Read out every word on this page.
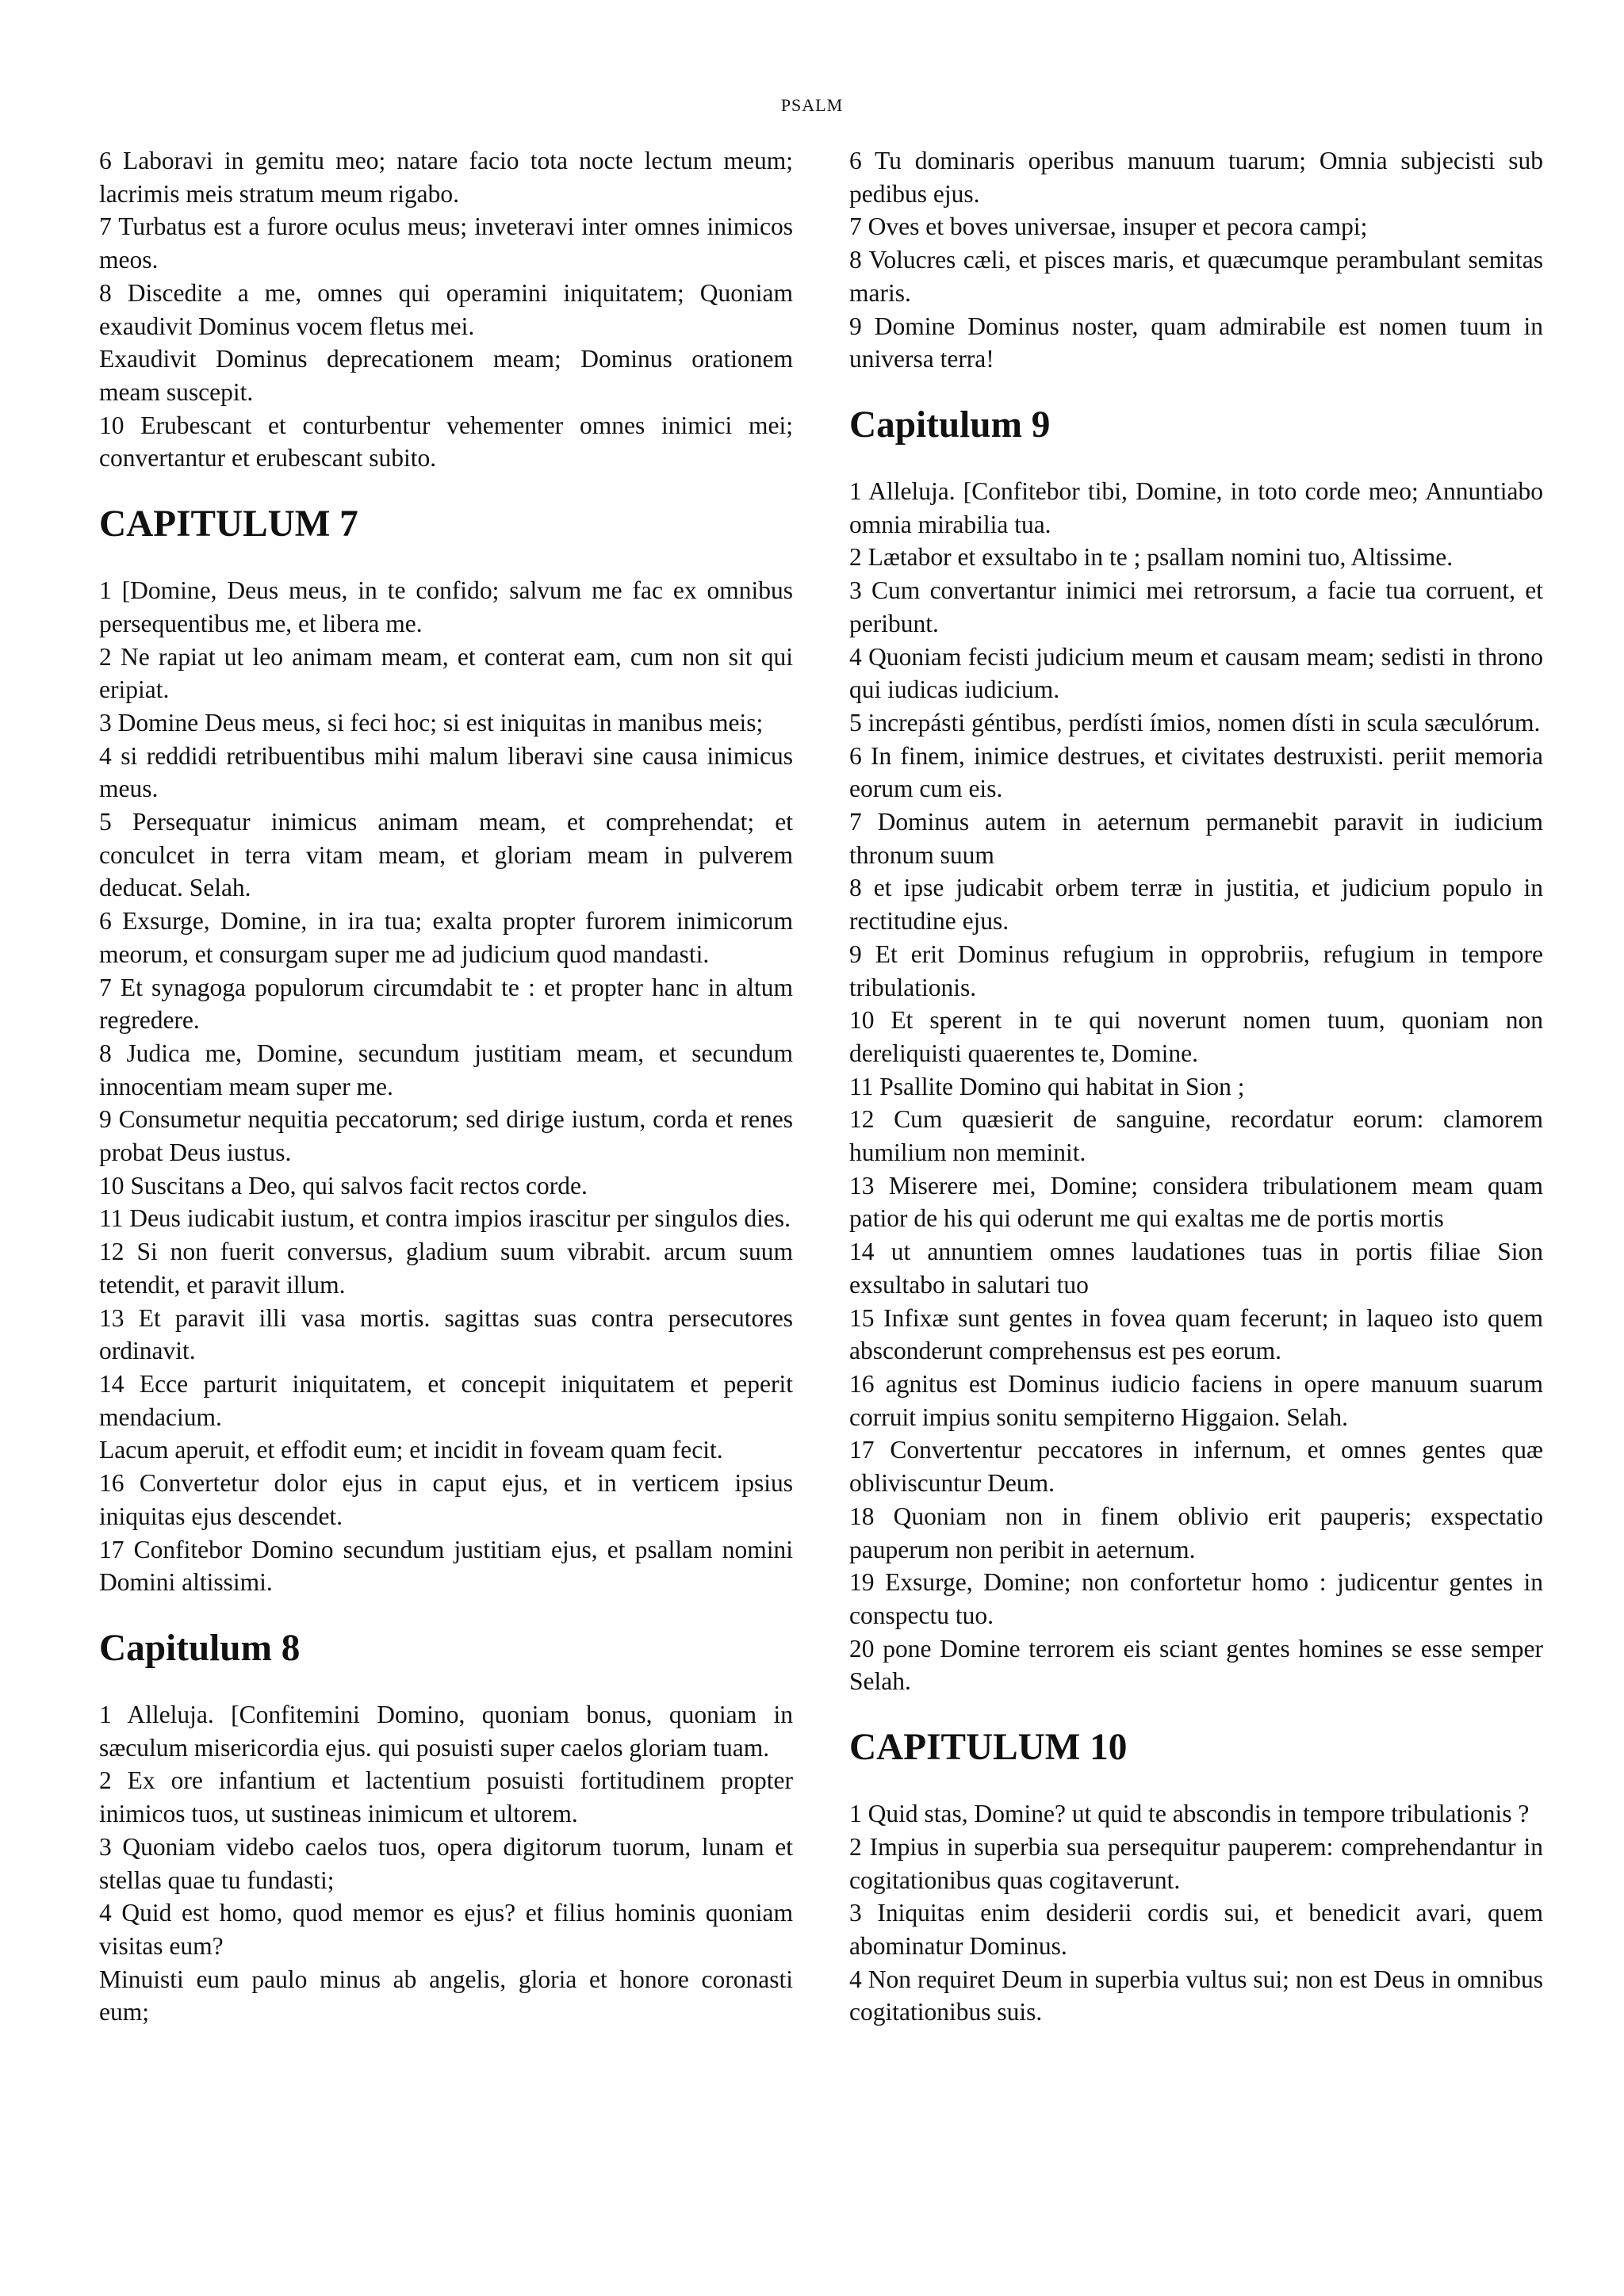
PSALM

6 Laboravi in gemitu meo; natare facio tota nocte lectum meum; lacrimis meis stratum meum rigabo.

7 Turbatus est a furore oculus meus; inveteravi inter omnes inimicos meos.

8 Discedite a me, omnes qui operamini iniquitatem; Quoniam exaudivit Dominus vocem fletus mei.

Exaudivit Dominus deprecationem meam; Dominus orationem meam suscepit.

10 Erubescant et conturbentur vehementer omnes inimici mei; convertantur et erubescant subito.

CAPITULUM 7

1 [Domine, Deus meus, in te confido; salvum me fac ex omnibus persequentibus me, et libera me.

2 Ne rapiat ut leo animam meam, et conterat eam, cum non sit qui eripiat.

3 Domine Deus meus, si feci hoc; si est iniquitas in manibus meis;

4 si reddidi retribuentibus mihi malum liberavi sine causa inimicus meus.

5 Persequatur inimicus animam meam, et comprehendat; et conculcet in terra vitam meam, et gloriam meam in pulverem deducat. Selah.

6 Exsurge, Domine, in ira tua; exalta propter furorem inimicorum meorum, et consurgam super me ad judicium quod mandasti.

7 Et synagoga populorum circumdabit te : et propter hanc in altum regredere.

8 Judica me, Domine, secundum justitiam meam, et secundum innocentiam meam super me.

9 Consumetur nequitia peccatorum; sed dirige iustum, corda et renes probat Deus iustus.

10 Suscitans a Deo, qui salvos facit rectos corde.

11 Deus iudicabit iustum, et contra impios irascitur per singulos dies.

12 Si non fuerit conversus, gladium suum vibrabit. arcum suum tetendit, et paravit illum.

13 Et paravit illi vasa mortis. sagittas suas contra persecutores ordinavit.

14 Ecce parturit iniquitatem, et concepit iniquitatem et peperit mendacium.

Lacum aperuit, et effodit eum; et incidit in foveam quam fecit.

16 Convertetur dolor ejus in caput ejus, et in verticem ipsius iniquitas ejus descendet.

17 Confitebor Domino secundum justitiam ejus, et psallam nomini Domini altissimi.

Capitulum 8

1 Alleluja. [Confitemini Domino, quoniam bonus, quoniam in sæculum misericordia ejus. qui posuisti super caelos gloriam tuam.

2 Ex ore infantium et lactentium posuisti fortitudinem propter inimicos tuos, ut sustineas inimicum et ultorem.

3 Quoniam videbo caelos tuos, opera digitorum tuorum, lunam et stellas quae tu fundasti;

4 Quid est homo, quod memor es ejus? et filius hominis quoniam visitas eum?

Minuisti eum paulo minus ab angelis, gloria et honore coronasti eum;

6 Tu dominaris operibus manuum tuarum; Omnia subjecisti sub pedibus ejus.

7 Oves et boves universae, insuper et pecora campi;

8 Volucres cæli, et pisces maris, et quæcumque perambulant semitas maris.

9 Domine Dominus noster, quam admirabile est nomen tuum in universa terra!

Capitulum 9

1 Alleluja. [Confitebor tibi, Domine, in toto corde meo; Annuntiabo omnia mirabilia tua.

2 Lætabor et exsultabo in te ; psallam nomini tuo, Altissime.

3 Cum convertantur inimici mei retrorsum, a facie tua corruent, et peribunt.

4 Quoniam fecisti judicium meum et causam meam; sedisti in throno qui iudicas iudicium.

5 increpásti géntibus, perdísti ímios, nomen dísti in scula sæculórum.

6 In finem, inimice destrues, et civitates destruxisti. periit memoria eorum cum eis.

7 Dominus autem in aeternum permanebit paravit in iudicium thronum suum

8 et ipse judicabit orbem terræ in justitia, et judicium populo in rectitudine ejus.

9 Et erit Dominus refugium in opprobriis, refugium in tempore tribulationis.

10 Et sperent in te qui noverunt nomen tuum, quoniam non dereliquisti quaerentes te, Domine.

11 Psallite Domino qui habitat in Sion ;

12 Cum quæsierit de sanguine, recordatur eorum: clamorem humilium non meminit.

13 Miserere mei, Domine; considera tribulationem meam quam patior de his qui oderunt me qui exaltas me de portis mortis

14 ut annuntiem omnes laudationes tuas in portis filiae Sion exsultabo in salutari tuo

15 Infixæ sunt gentes in fovea quam fecerunt; in laqueo isto quem absconderunt comprehensus est pes eorum.

16 agnitus est Dominus iudicio faciens in opere manuum suarum corruit impius sonitu sempiterno Higgaion. Selah.

17 Convertentur peccatores in infernum, et omnes gentes quæ obliviscuntur Deum.

18 Quoniam non in finem oblivio erit pauperis; exspectatio pauperum non peribit in aeternum.

19 Exsurge, Domine; non confortetur homo : judicentur gentes in conspectu tuo.

20 pone Domine terrorem eis sciant gentes homines se esse semper Selah.

CAPITULUM 10

1 Quid stas, Domine? ut quid te abscondis in tempore tribulationis ?

2 Impius in superbia sua persequitur pauperem: comprehendantur in cogitationibus quas cogitaverunt.

3 Iniquitas enim desiderii cordis sui, et benedicit avari, quem abominatur Dominus.

4 Non requiret Deum in superbia vultus sui; non est Deus in omnibus cogitationibus suis.
